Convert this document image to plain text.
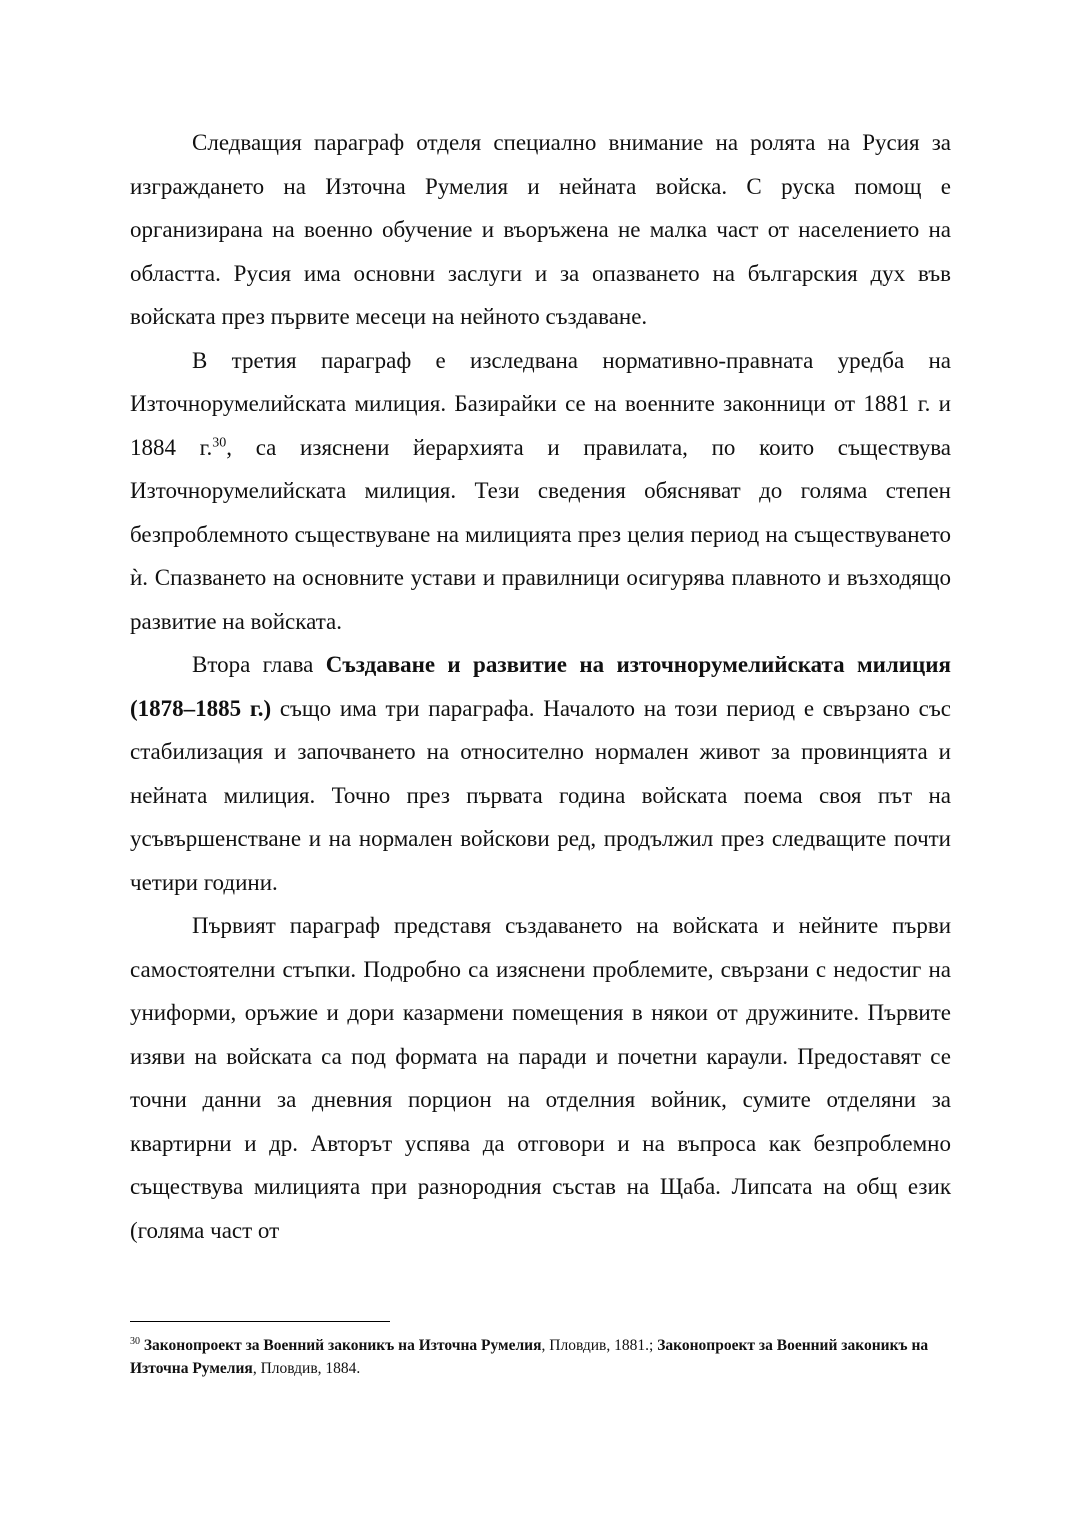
Следващия параграф отделя специално внимание на ролята на Русия за изграждането на Източна Румелия и нейната войска. С руска помощ е организирана на военно обучение и въоръжена не малка част от населението на областта. Русия има основни заслуги и за опазването на българския дух във войската през първите месеци на нейното създаване.

В третия параграф е изследвана нормативно-правната уредба на Източнорумелийската милиция. Базирайки се на военните законници от 1881 г. и 1884 г.$^{30}$, са изяснени йерархията и правилата, по които съществува Източнорумелийската милиция. Тези сведения обясняват до голяма степен безпроблемното съществуване на милицията през целия период на съществуването ѝ. Спазването на основните устави и правилници осигурява плавното и възходящо развитие на войската.

Втора глава Създаване и развитие на източнорумелийската милиция (1878–1885 г.) също има три параграфа. Началото на този период е свързано със стабилизация и започването на относително нормален живот за провинцията и нейната милиция. Точно през първата година войската поема своя път на усъвършенстване и на нормален войскови ред, продължил през следващите почти четири години.

Първият параграф представя създаването на войската и нейните първи самостоятелни стъпки. Подробно са изяснени проблемите, свързани с недостиг на униформи, оръжие и дори казармени помещения в някои от дружините. Първите изяви на войската са под формата на паради и почетни караули. Предоставят се точни данни за дневния порцион на отделния войник, сумите отделяни за квартирни и др. Авторът успява да отговори и на въпроса как безпроблемно съществува милицията при разнородния състав на Щаба. Липсата на общ език (голяма част от

$^{30}$ Законопроект за Военний законикъ на Източна Румелия, Пловдив, 1881.; Законопроект за Военний законикъ на Източна Румелия, Пловдив, 1884.
